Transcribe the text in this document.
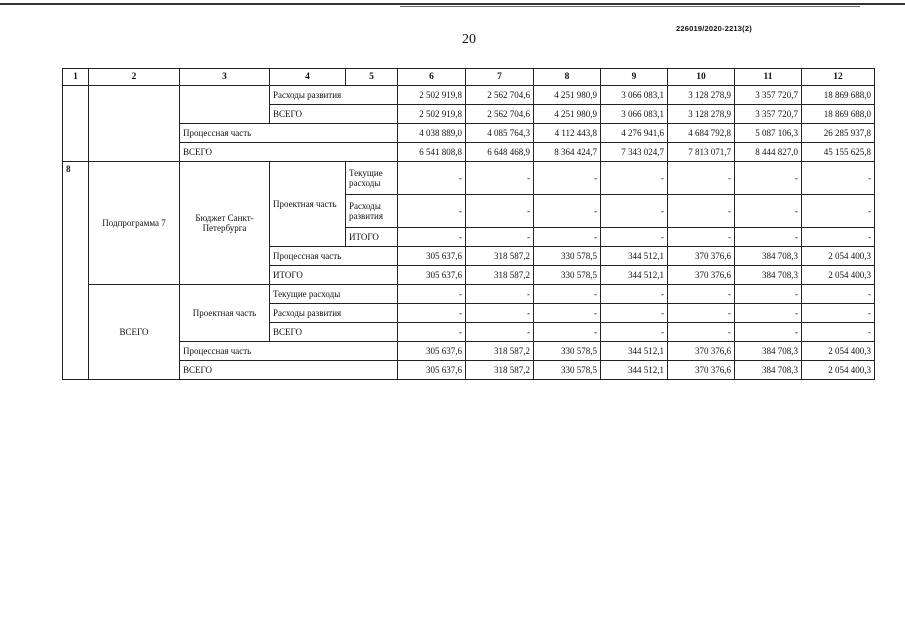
226019/2020-2213(2)
20
1	2	3	4	5	6	7	8	9	10	11	12
			Расходы развития		2 502 919,8	2 562 704,6	4 251 980,9	3 066 083,1	3 128 278,9	3 357 720,7	18 869 688,0
			ВСЕГО		2 502 919,8	2 562 704,6	4 251 980,9	3 066 083,1	3 128 278,9	3 357 720,7	18 869 688,0
		Процессная часть			4 038 889,0	4 085 764,3	4 112 443,8	4 276 941,6	4 684 792,8	5 087 106,3	26 285 937,8
		ВСЕГО			6 541 808,8	6 648 468,9	8 364 424,7	7 343 024,7	7 813 071,7	8 444 827,0	45 155 625,8
8	Подпрограмма 7	Бюджет Санкт-Петербурга	Проектная часть	Текущие расходы	-	-	-	-	-	-	-
				Расходы развития	-	-	-	-	-	-	-
				ИТОГО	-	-	-	-	-	-	-
			Процессная часть		305 637,6	318 587,2	330 578,5	344 512,1	370 376,6	384 708,3	2 054 400,3
			ИТОГО		305 637,6	318 587,2	330 578,5	344 512,1	370 376,6	384 708,3	2 054 400,3
	ВСЕГО	Проектная часть	Текущие расходы		-	-	-	-	-	-	-
			Расходы развития		-	-	-	-	-	-	-
			ВСЕГО		-	-	-	-	-	-	-
		Процессная часть			305 637,6	318 587,2	330 578,5	344 512,1	370 376,6	384 708,3	2 054 400,3
		ВСЕГО			305 637,6	318 587,2	330 578,5	344 512,1	370 376,6	384 708,3	2 054 400,3
